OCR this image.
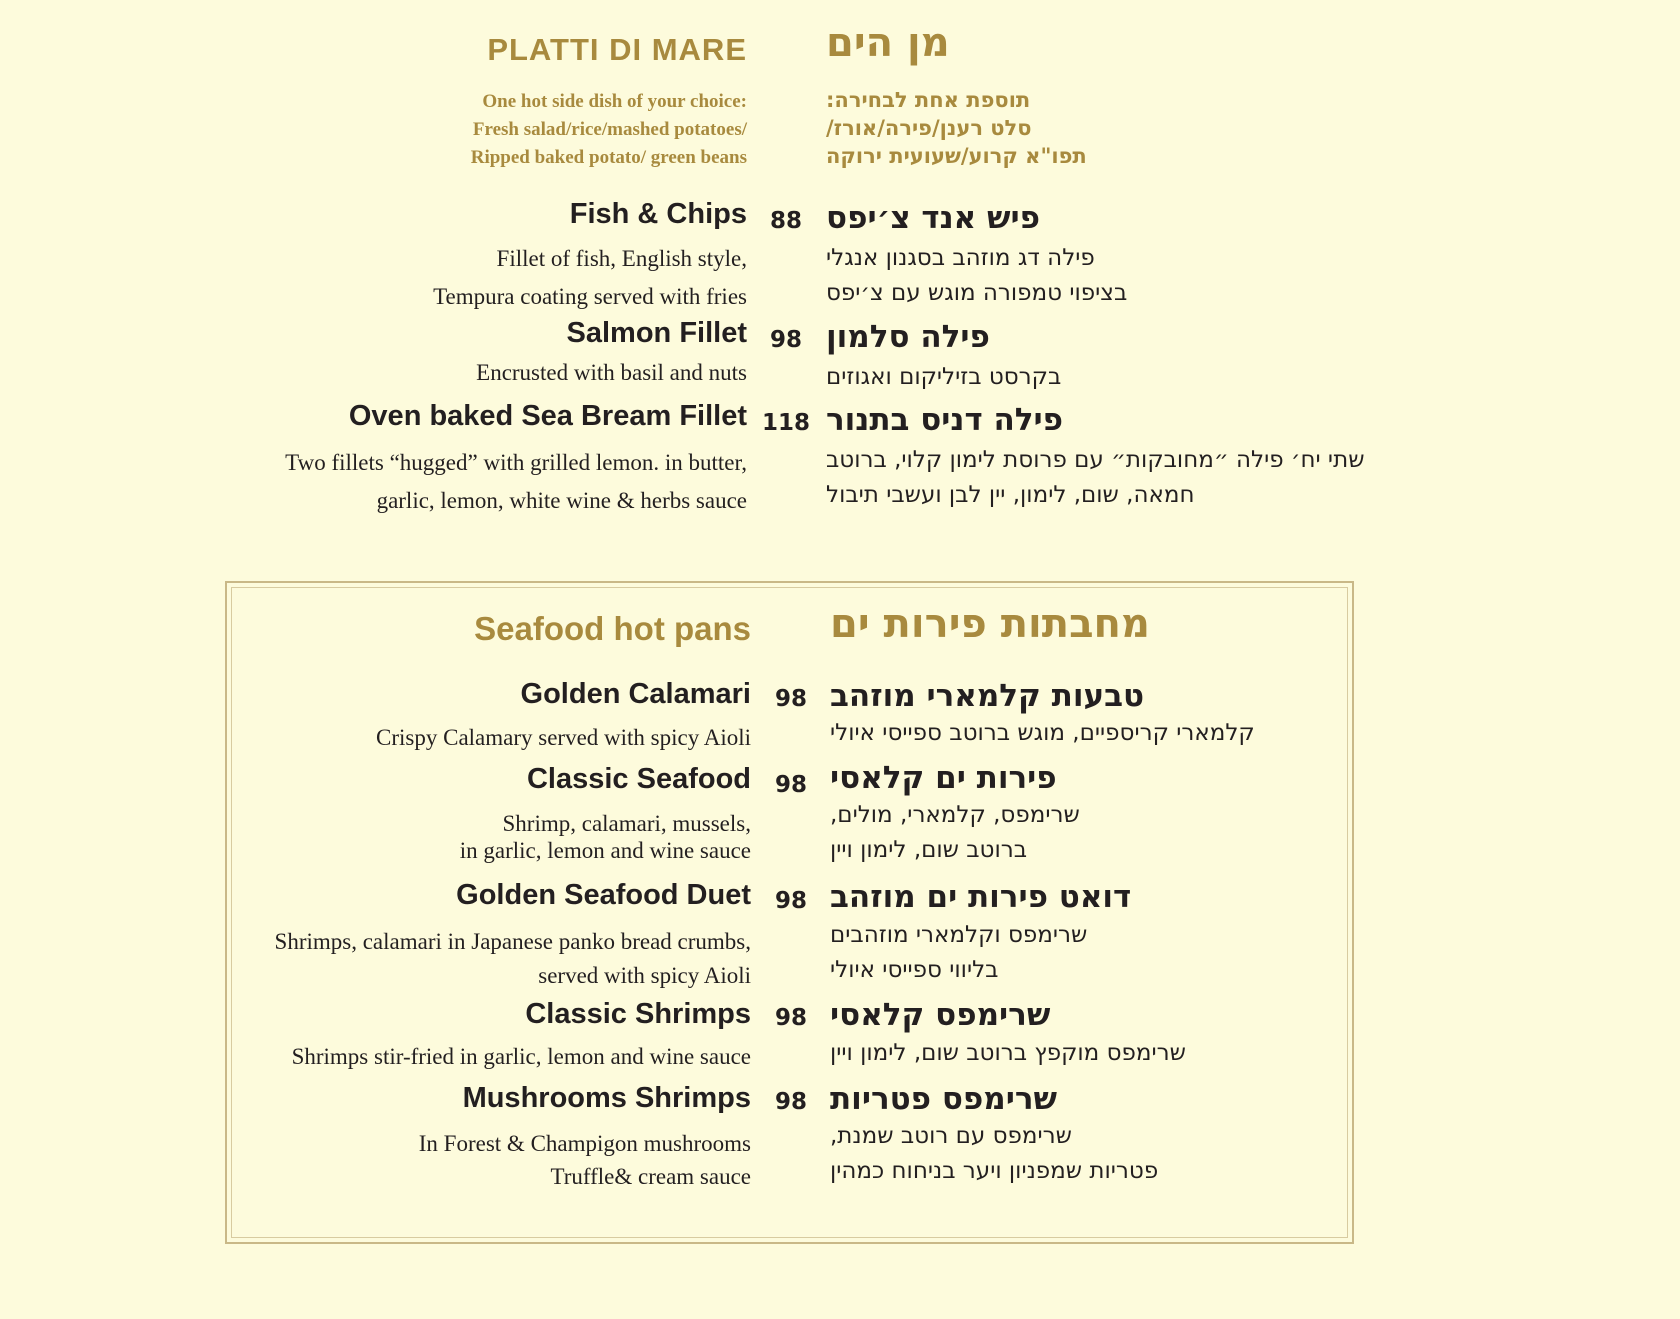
PLATTI DI MARE מן הים
One hot side dish of your choice:
Fresh salad/rice/mashed potatoes/
Ripped baked potato/ green beans
תוספת אחת לבחירה:
סלט רענן/פירה/אורז/
תפו"א קרוע/שעועית ירוקה
Fish & Chips 88 פיש אנד צ׳יפס
Fillet of fish, English style,
Tempura coating served with fries
פילה דג מוזהב בסגנון אנגלי
בציפוי טמפורה מוגש עם צ׳יפס
Salmon Fillet 98 פילה סלמון
Encrusted with basil and nuts	בקרסט בזיליקום ואגוזים
Oven baked Sea Bream Fillet 118 פילה דניס בתנור
Two fillets “hugged” with grilled lemon. in butter,
garlic, lemon, white wine & herbs sauce
שתי יח׳ פילה ״מחובקות״ עם פרוסת לימון קלוי, ברוטב
חמאה, שום, לימון, יין לבן ועשבי תיבול
Seafood hot pans מחבתות פירות ים
Golden Calamari	98 טבעות קלמארי מוזהב
Crispy Calamary served with spicy Aioli	קלמארי קריספיים, מוגש ברוטב ספייסי איולי
Classic Seafood	98 פירות ים קלאסי
Shrimp, calamari, mussels,
in garlic, lemon and wine sauce
שרימפס, קלמארי, מולים,
ברוטב שום, לימון ויין
Golden Seafood Duet	98 דואט פירות ים מוזהב
Shrimps, calamari in Japanese panko bread crumbs,
served with spicy Aioli
שרימפס וקלמארי מוזהבים
בליווי ספייסי איולי
Classic Shrimps	98 שרימפס קלאסי
Shrimps stir-fried in garlic, lemon and wine sauce	שרימפס מוקפץ ברוטב שום, לימון ויין
Mushrooms Shrimps	98 שרימפס פטריות
In Forest & Champigon mushrooms
Truffle& cream sauce
שרימפס עם רוטב שמנת,
פטריות שמפניון ויער בניחוח כמהין
